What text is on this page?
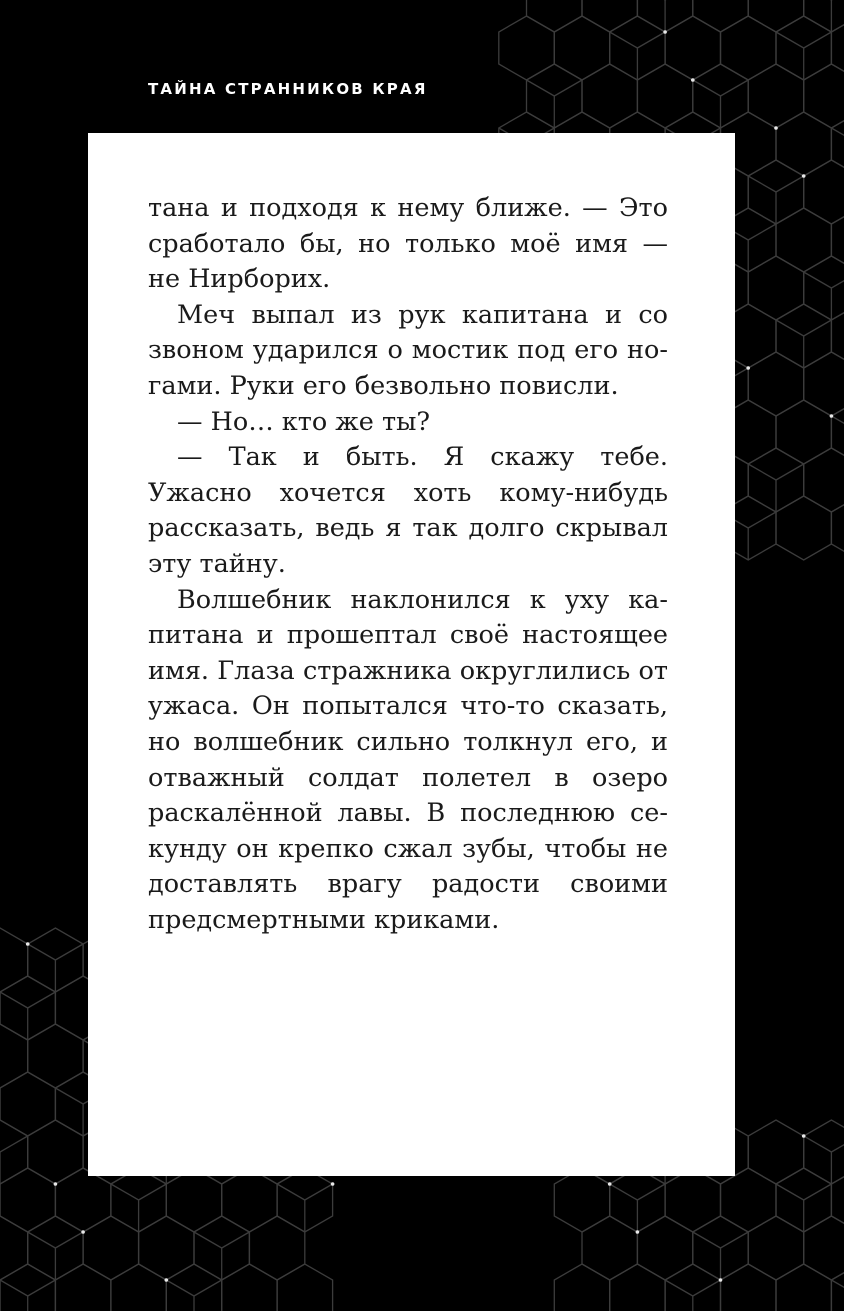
ТАЙНА СТРАННИКОВ КРАЯ

тана и подходя к нему ближе. — Это сработало бы, но только моё имя — не Нирборих.

Меч выпал из рук капитана и со звоном ударился о мостик под его ногами. Руки его безвольно повисли.

— Но… кто же ты?

— Так и быть. Я скажу тебе. Ужасно хочется хоть кому-нибудь рассказать, ведь я так долго скрывал эту тайну.

Волшебник наклонился к уху капитана и прошептал своё настоящее имя. Глаза стражника округлились от ужаса. Он попытался что-то сказать, но волшебник сильно толкнул его, и отважный солдат полетел в озеро раскалённой лавы. В последнюю секунду он крепко сжал зубы, чтобы не доставлять врагу радости своими предсмертными криками.
